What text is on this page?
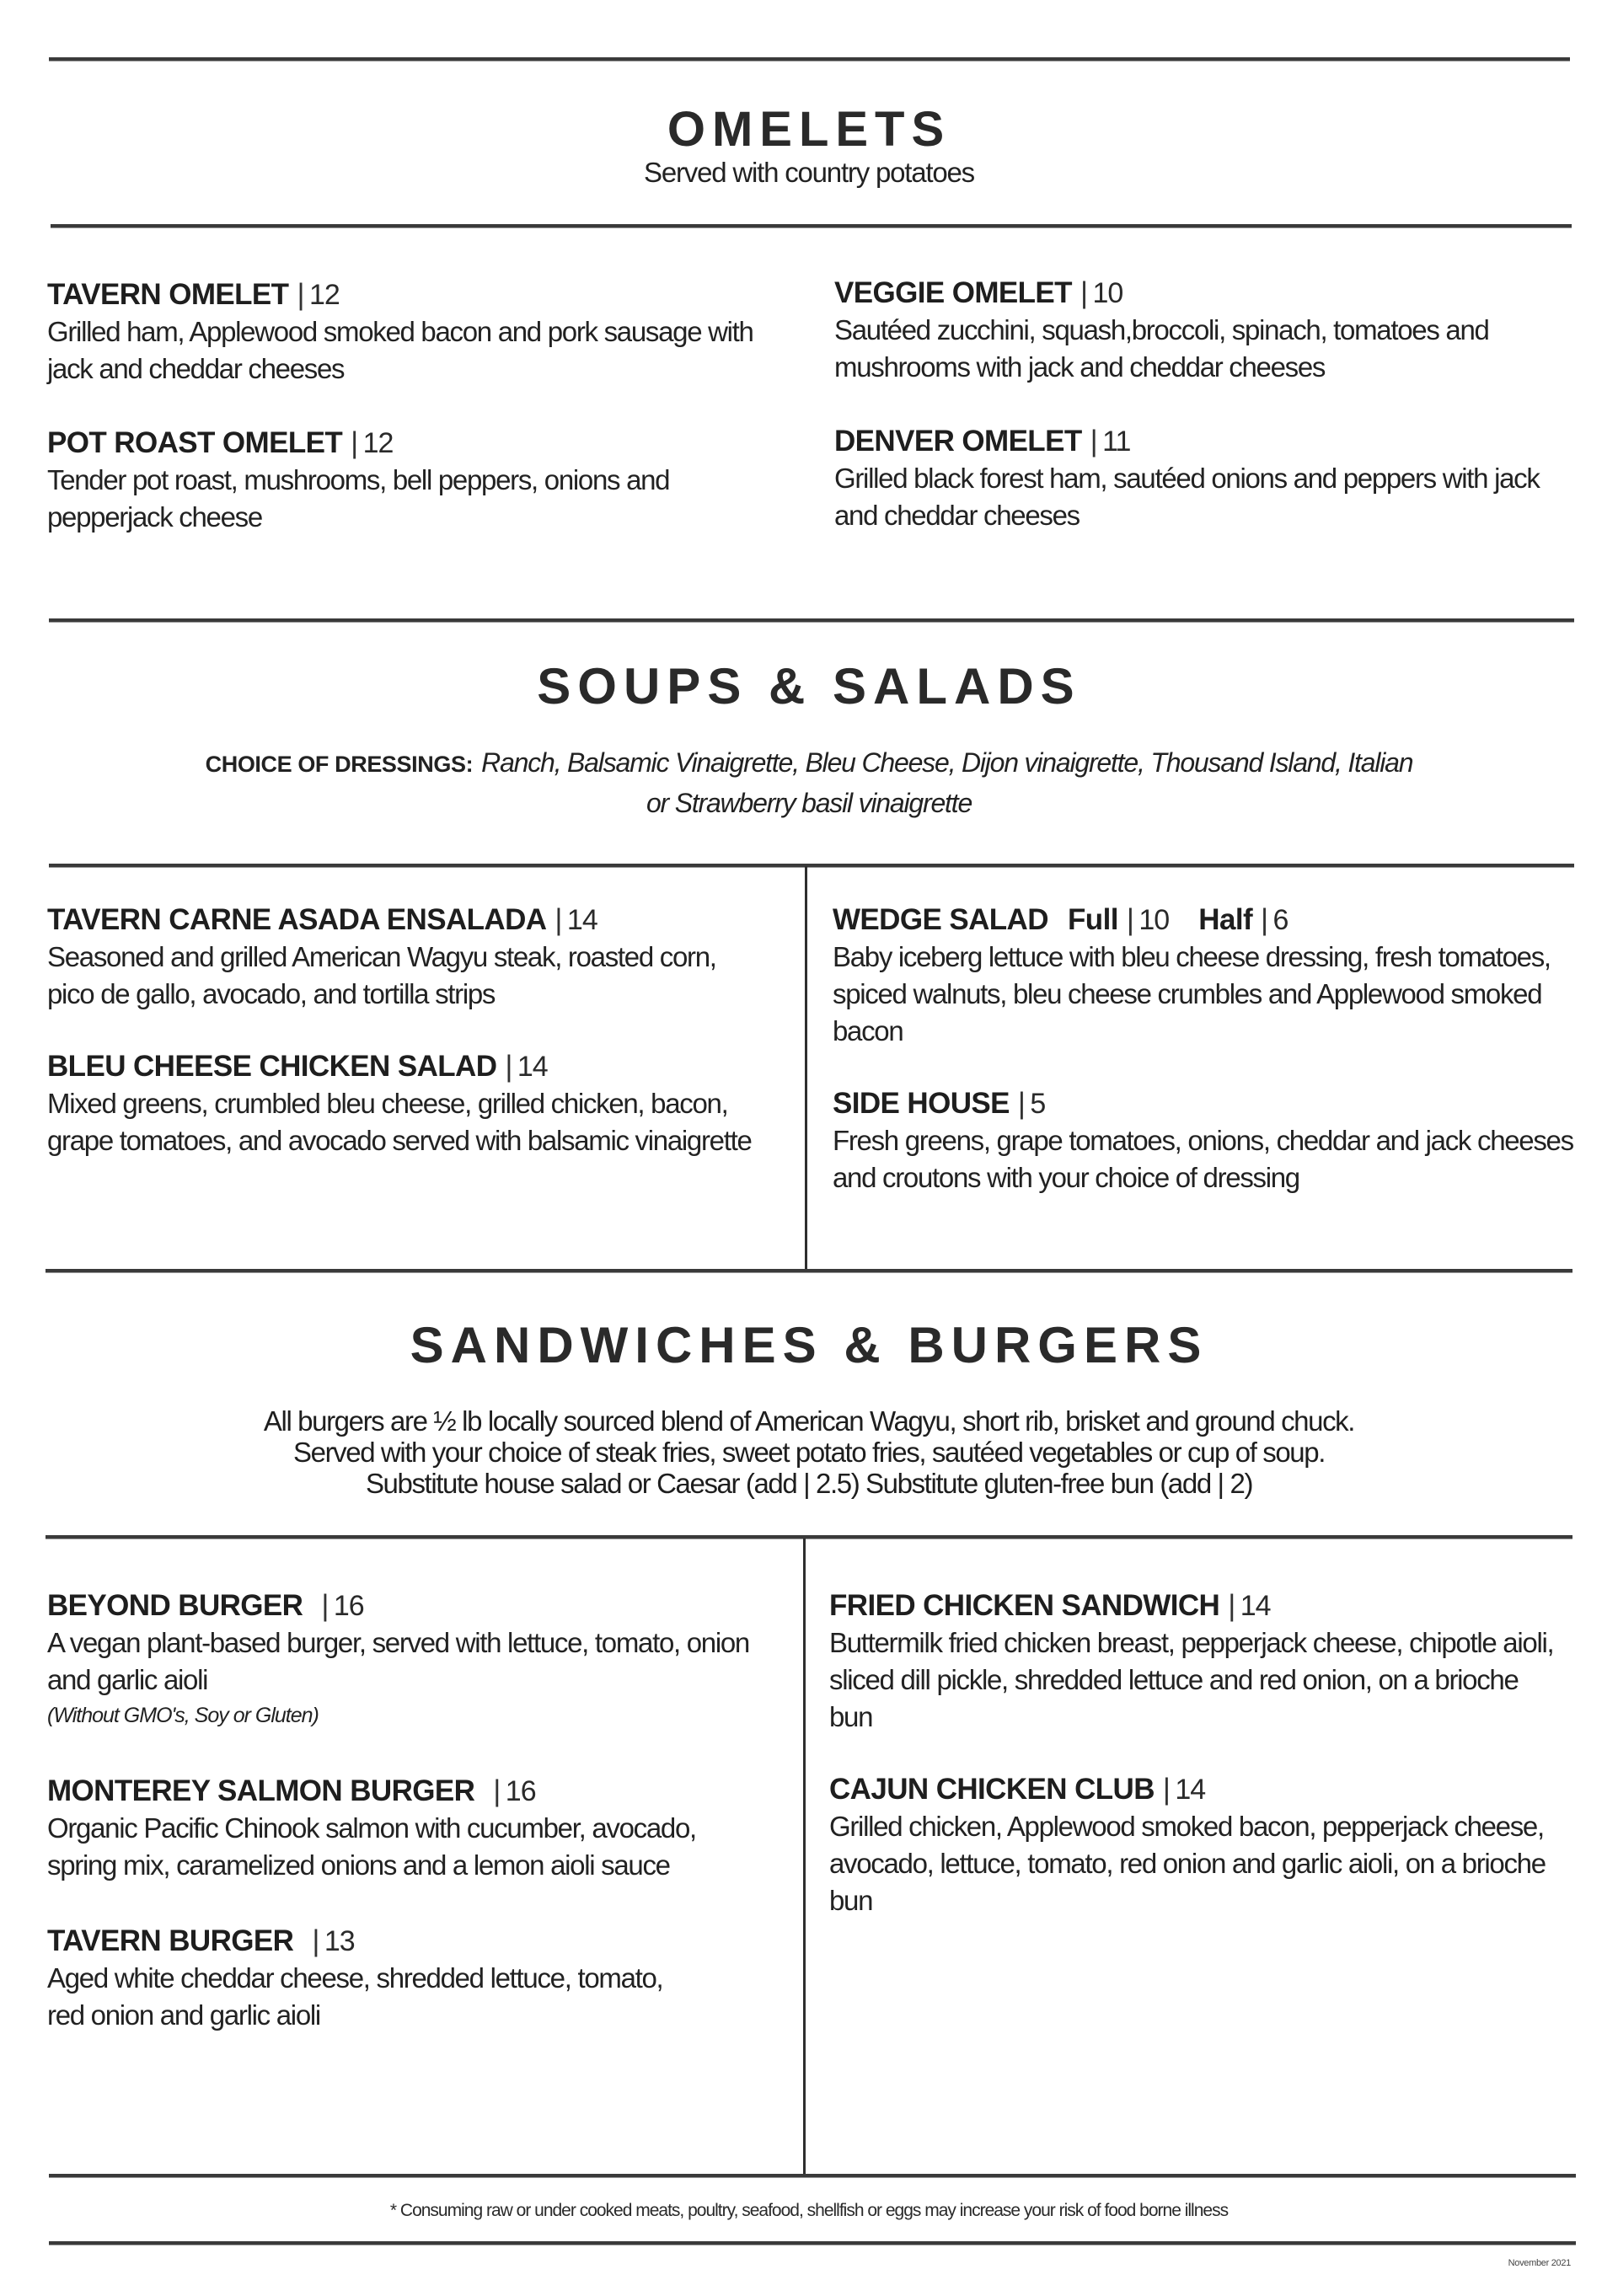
OMELETS
Served with country potatoes
TAVERN OMELET | 12
Grilled ham, Applewood smoked bacon and pork sausage with jack and cheddar cheeses
POT ROAST OMELET | 12
Tender pot roast, mushrooms, bell peppers, onions and pepperjack cheese
VEGGIE OMELET | 10
Sautéed zucchini, squash,broccoli, spinach, tomatoes and mushrooms with jack and cheddar cheeses
DENVER OMELET | 11
Grilled black forest ham, sautéed onions and peppers with jack and cheddar cheeses
SOUPS & SALADS
CHOICE OF DRESSINGS: Ranch, Balsamic Vinaigrette, Bleu Cheese, Dijon vinaigrette, Thousand Island, Italian
or Strawberry basil vinaigrette
TAVERN CARNE ASADA ENSALADA | 14
Seasoned and grilled American Wagyu steak, roasted corn, pico de gallo, avocado, and tortilla strips
BLEU CHEESE CHICKEN SALAD | 14
Mixed greens, crumbled bleu cheese, grilled chicken, bacon, grape tomatoes, and avocado served with balsamic vinaigrette
WEDGE SALAD Full | 10 Half | 6
Baby iceberg lettuce with bleu cheese dressing, fresh tomatoes, spiced walnuts, bleu cheese crumbles and Applewood smoked bacon
SIDE HOUSE | 5
Fresh greens, grape tomatoes, onions, cheddar and jack cheeses and croutons with your choice of dressing
SANDWICHES & BURGERS
All burgers are ½ lb locally sourced blend of American Wagyu, short rib, brisket and ground chuck.
Served with your choice of steak fries, sweet potato fries, sautéed vegetables or cup of soup.
Substitute house salad or Caesar (add | 2.5) Substitute gluten-free bun (add | 2)
BEYOND BURGER | 16
A vegan plant-based burger, served with lettuce, tomato, onion and garlic aioli
(Without GMO's, Soy or Gluten)
MONTEREY SALMON BURGER | 16
Organic Pacific Chinook salmon with cucumber, avocado, spring mix, caramelized onions and a lemon aioli sauce
TAVERN BURGER | 13
Aged white cheddar cheese, shredded lettuce, tomato, red onion and garlic aioli
FRIED CHICKEN SANDWICH | 14
Buttermilk fried chicken breast, pepperjack cheese, chipotle aioli, sliced dill pickle, shredded lettuce and red onion, on a brioche bun
CAJUN CHICKEN CLUB | 14
Grilled chicken, Applewood smoked bacon, pepperjack cheese, avocado, lettuce, tomato, red onion and garlic aioli, on a brioche bun
* Consuming raw or under cooked meats, poultry, seafood, shellfish or eggs may increase your risk of food borne illness
November 2021
